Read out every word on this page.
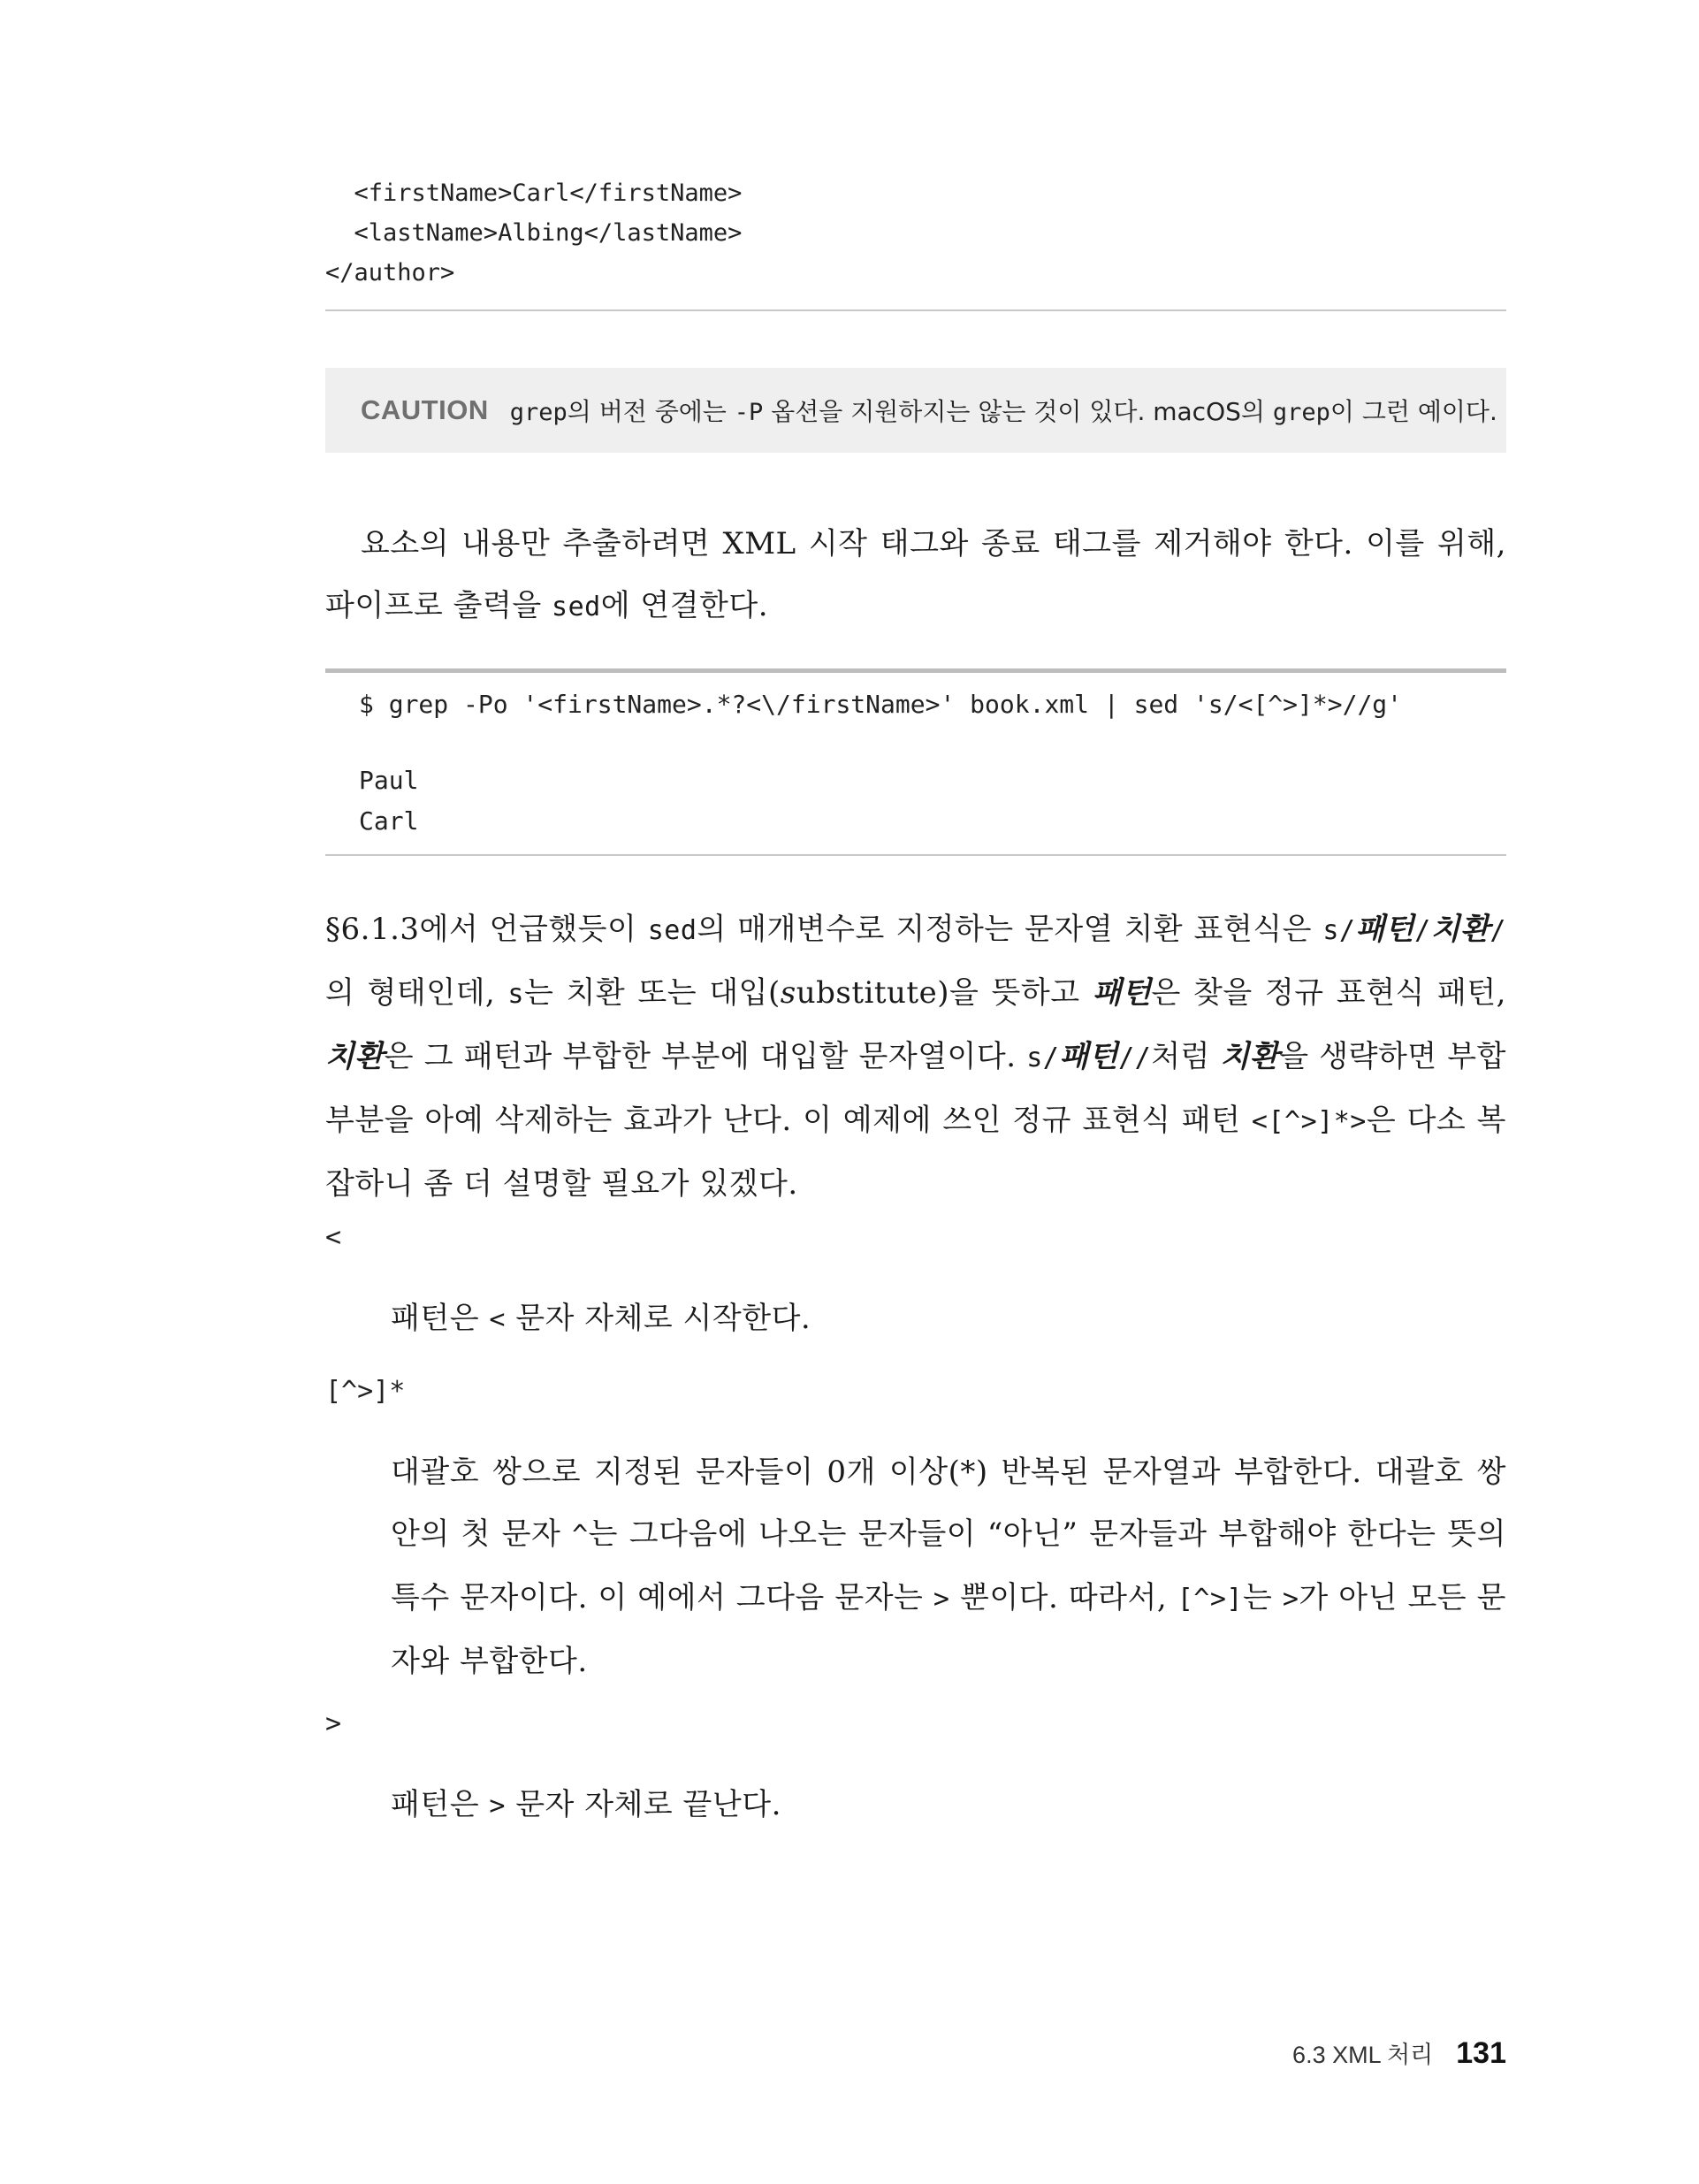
<firstName>Carl</firstName>
<lastName>Albing</lastName>
</author>
CAUTION grep의 버전 중에는 -P 옵션을 지원하지는 않는 것이 있다. macOS의 grep이 그런 예이다.
요소의 내용만 추출하려면 XML 시작 태그와 종료 태그를 제거해야 한다. 이를 위해, 파이프로 출력을 sed에 연결한다.
$ grep -Po '<firstName>.*?<\/firstName>' book.xml | sed 's/<[^>]*>//g'
Paul
Carl
§6.1.3에서 언급했듯이 sed의 매개변수로 지정하는 문자열 치환 표현식은 s/패턴/치환/의 형태인데, s는 치환 또는 대입(substitute)을 뜻하고 패턴은 찾을 정규 표현식 패턴, 치환은 그 패턴과 부합한 부분에 대입할 문자열이다. s/패턴//처럼 치환을 생략하면 부합 부분을 아예 삭제하는 효과가 난다. 이 예제에 쓰인 정규 표현식 패턴 <[^>]*>은 다소 복잡하니 좀 더 설명할 필요가 있겠다.
<
패턴은 < 문자 자체로 시작한다.
[^>]*
대괄호 쌍으로 지정된 문자들이 0개 이상(*) 반복된 문자열과 부합한다. 대괄호 쌍 안의 첫 문자 ^는 그다음에 나오는 문자들이 “아닌” 문자들과 부합해야 한다는 뜻의 특수 문자이다. 이 예에서 그다음 문자는 > 뿐이다. 따라서, [^>]는 >가 아닌 모든 문자와 부합한다.
>
패턴은 > 문자 자체로 끝난다.
6.3 XML 처리 131
